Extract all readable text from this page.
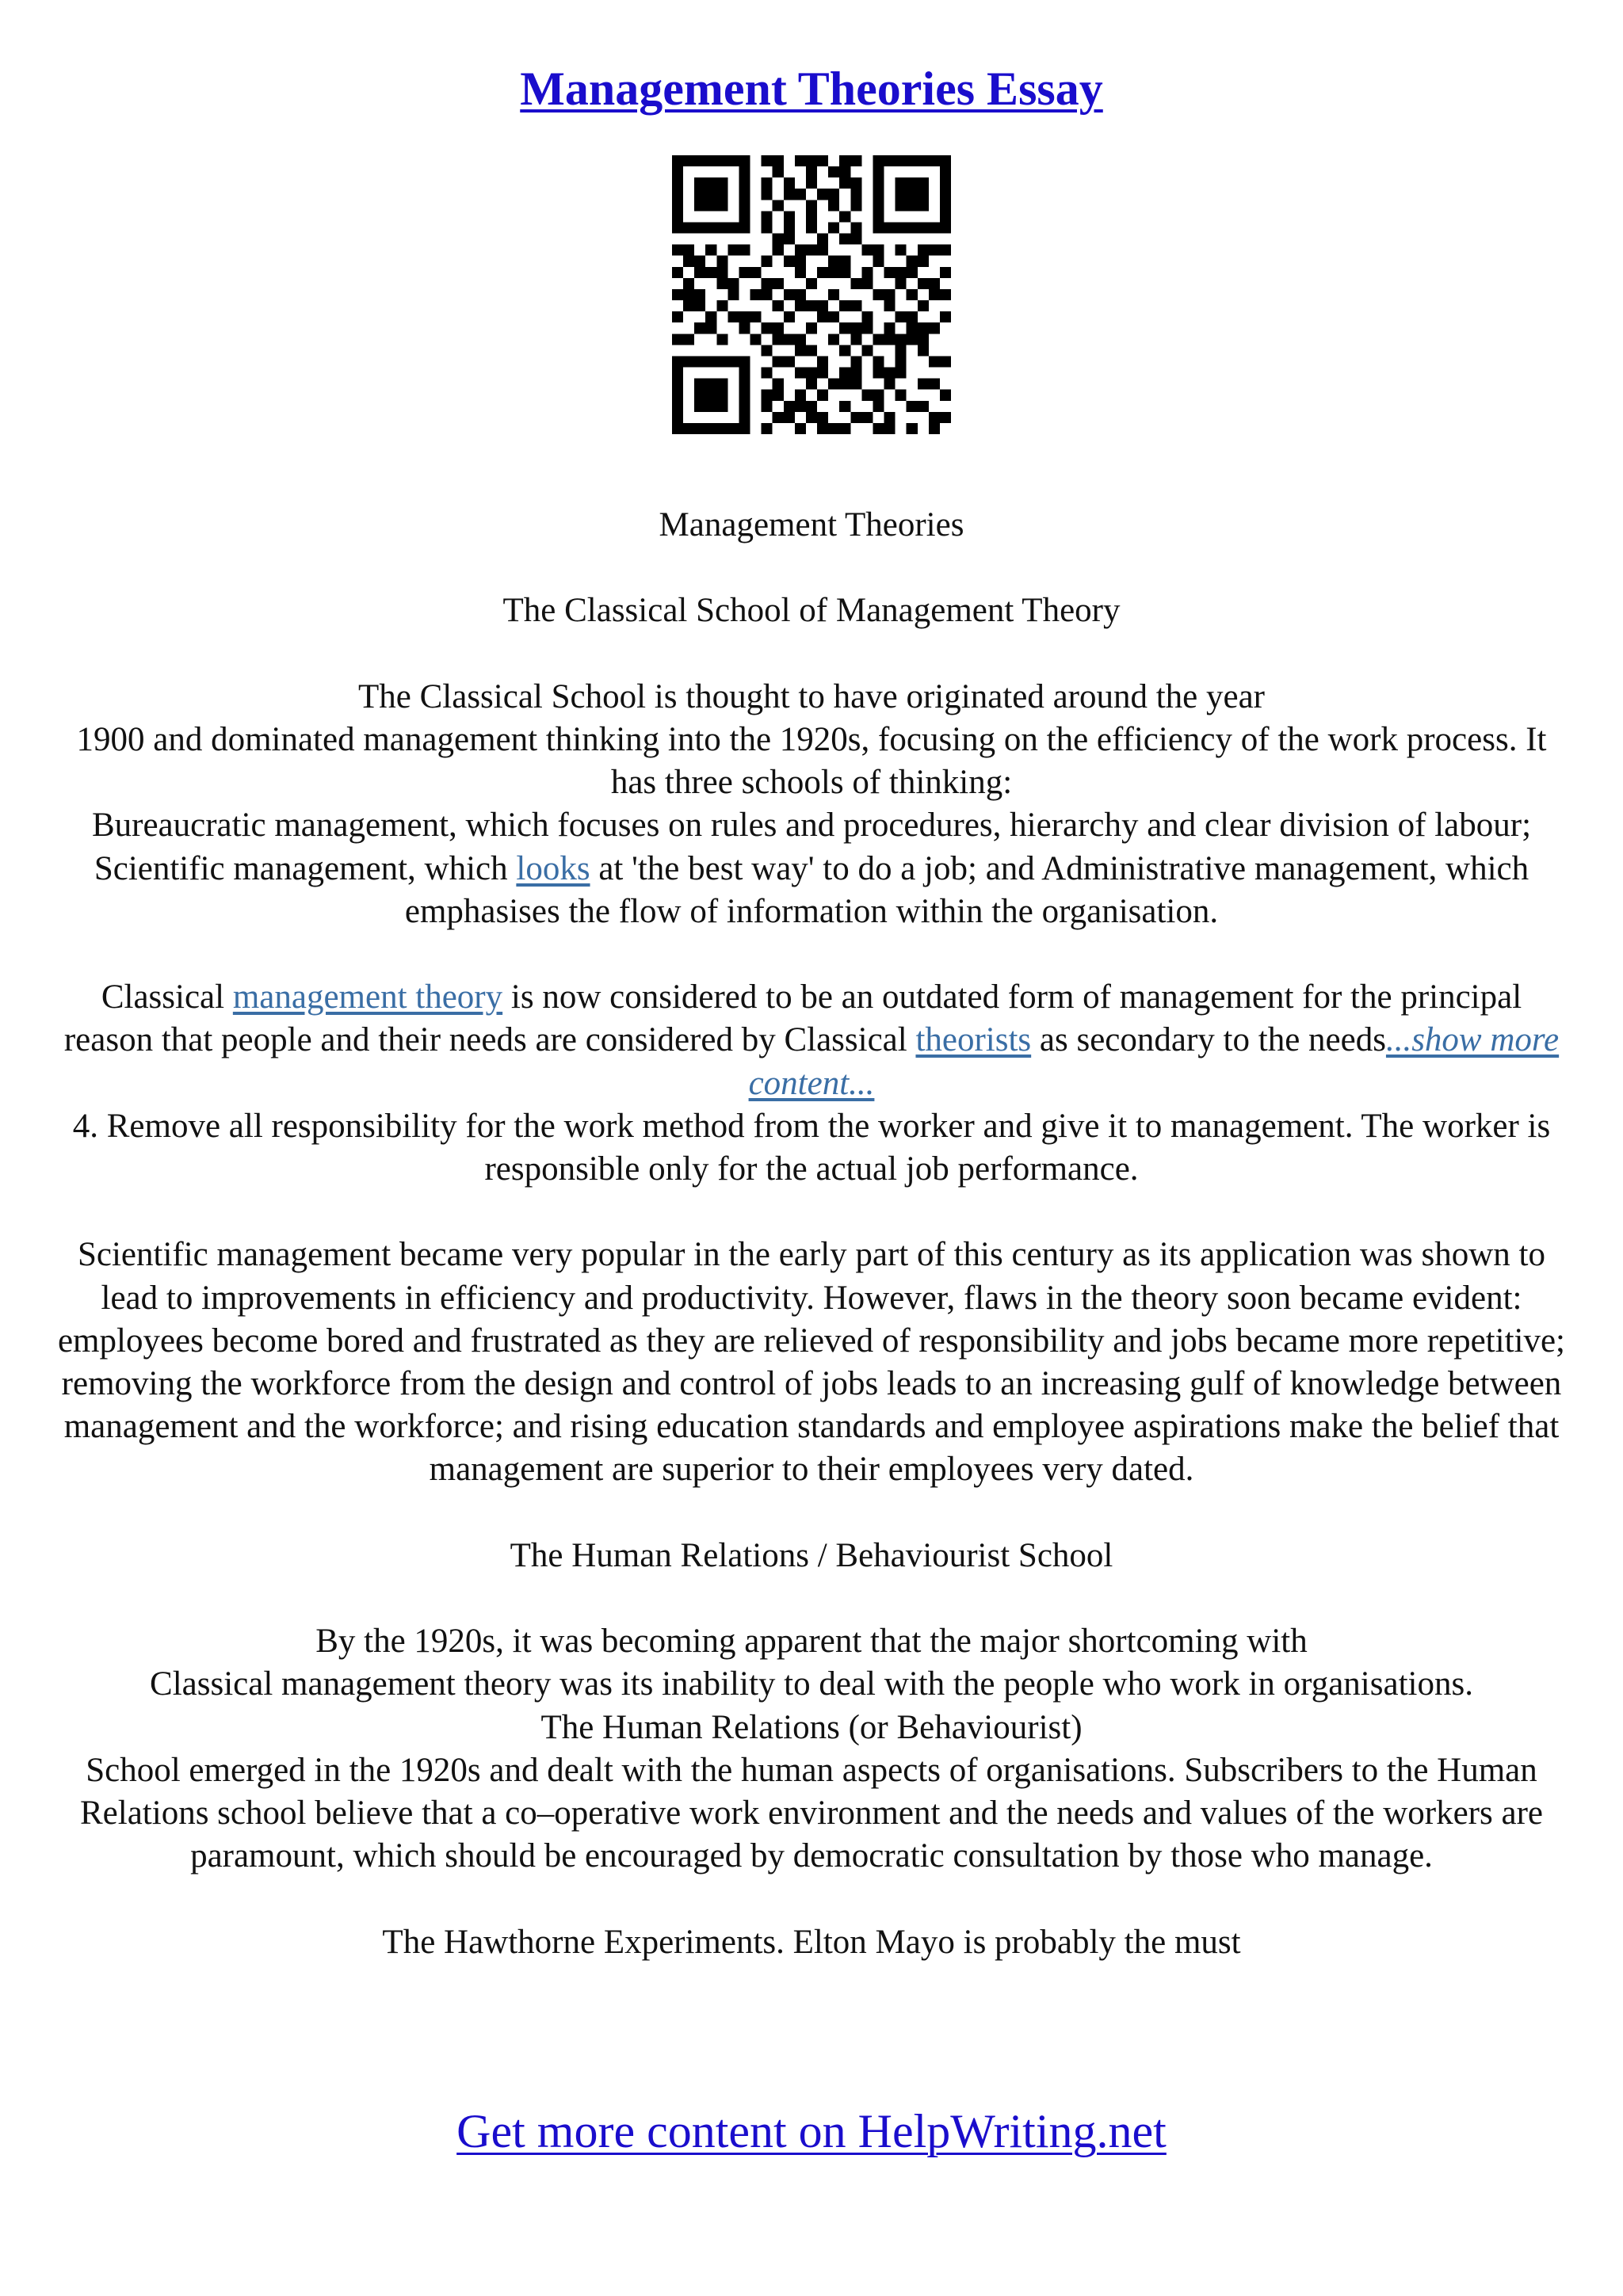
Management Theories Essay

Management Theories

The Classical School of Management Theory

The Classical School is thought to have originated around the year

1900 and dominated management thinking into the 1920s, focusing on the efficiency of the work process. It has three schools of thinking:

Bureaucratic management, which focuses on rules and procedures, hierarchy and clear division of labour; Scientific management, which looks at 'the best way' to do a job; and Administrative management, which emphasises the flow of information within the organisation.

Classical management theory is now considered to be an outdated form of management for the principal reason that people and their needs are considered by Classical theorists as secondary to the needs...show more content...

4. Remove all responsibility for the work method from the worker and give it to management. The worker is responsible only for the actual job performance.

Scientific management became very popular in the early part of this century as its application was shown to lead to improvements in efficiency and productivity. However, flaws in the theory soon became evident: employees become bored and frustrated as they are relieved of responsibility and jobs became more repetitive; removing the workforce from the design and control of jobs leads to an increasing gulf of knowledge between management and the workforce; and rising education standards and employee aspirations make the belief that management are superior to their employees very dated.

The Human Relations / Behaviourist School

By the 1920s, it was becoming apparent that the major shortcoming with

Classical management theory was its inability to deal with the people who work in organisations.

The Human Relations (or Behaviourist)

School emerged in the 1920s and dealt with the human aspects of organisations. Subscribers to the Human Relations school believe that a co–operative work environment and the needs and values of the workers are paramount, which should be encouraged by democratic consultation by those who manage.

The Hawthorne Experiments. Elton Mayo is probably the must

Get more content on HelpWriting.net
